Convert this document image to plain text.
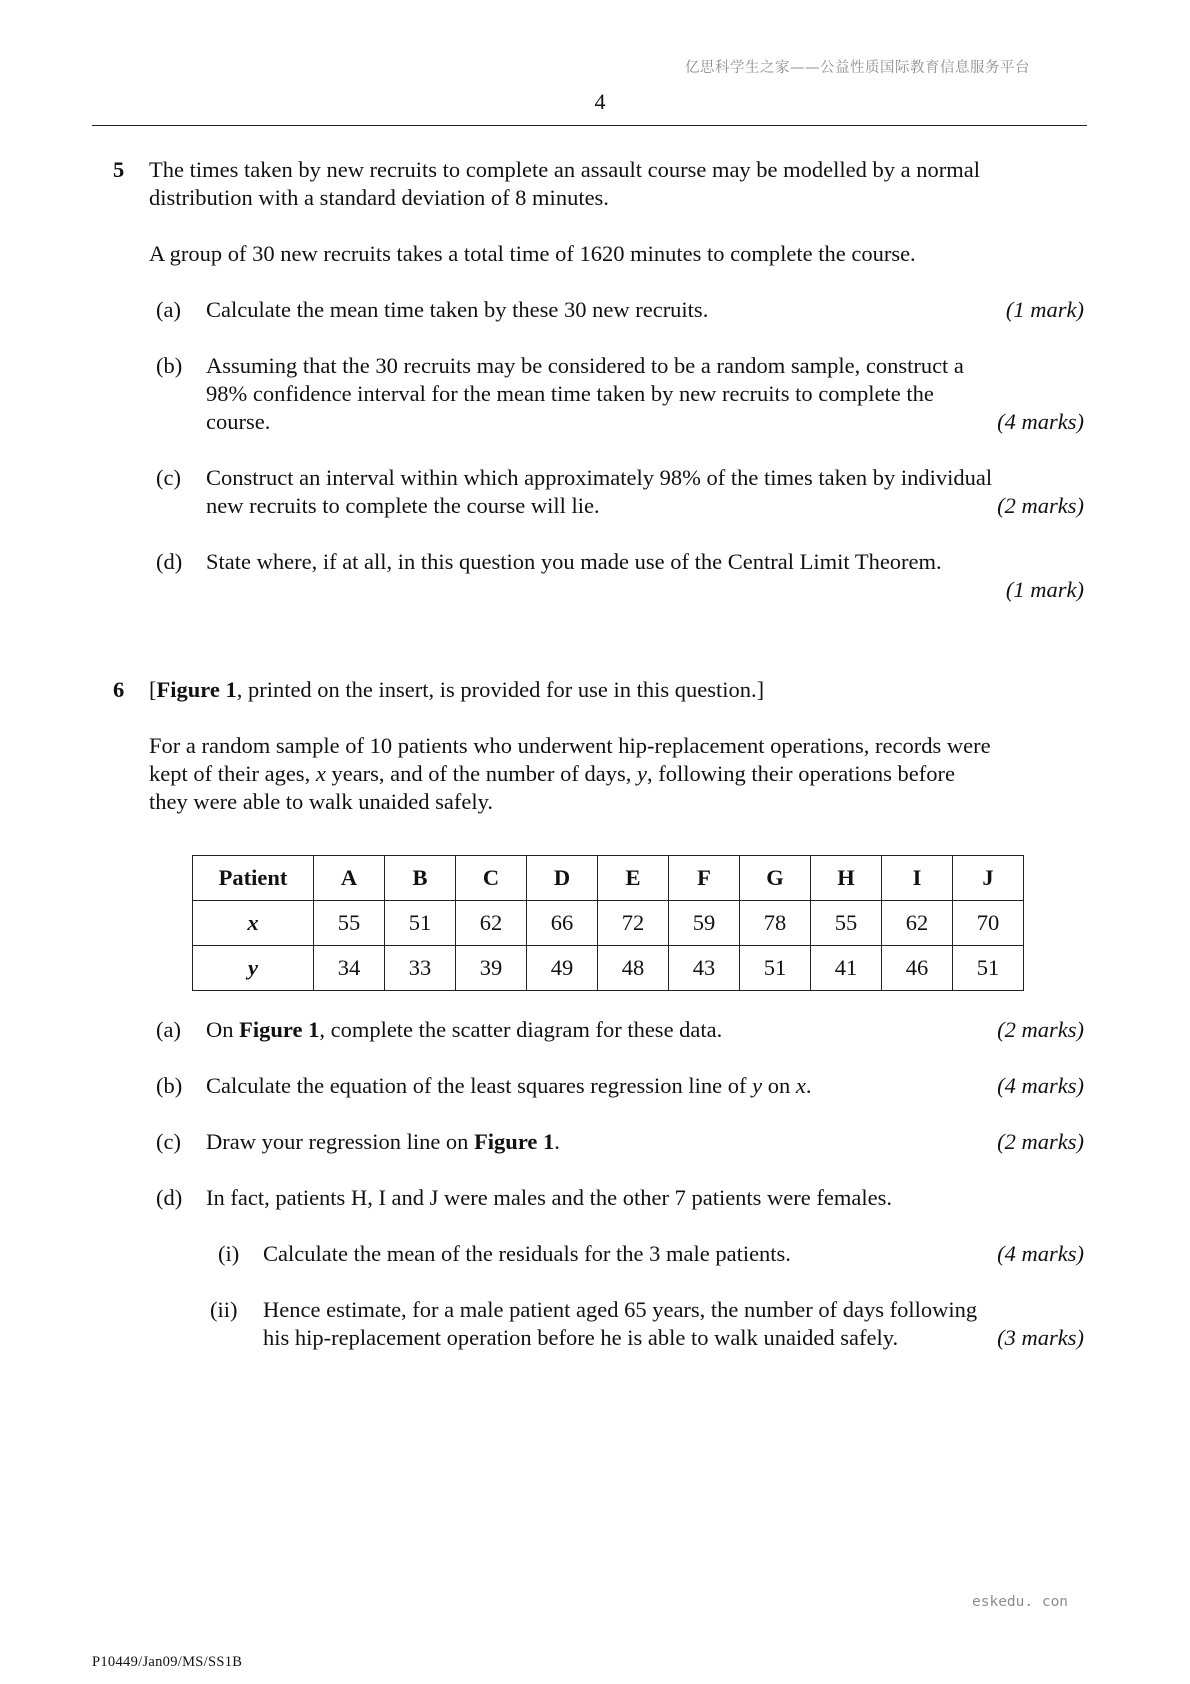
亿思科学生之家——公益性质国际教育信息服务平台
4
5 The times taken by new recruits to complete an assault course may be modelled by a normal
distribution with a standard deviation of 8 minutes.
A group of 30 new recruits takes a total time of 1620 minutes to complete the course.
(a) Calculate the mean time taken by these 30 new recruits.	(1 mark)
(b) Assuming that the 30 recruits may be considered to be a random sample, construct a
98% confidence interval for the mean time taken by new recruits to complete the
course.	(4 marks)
(c) Construct an interval within which approximately 98% of the times taken by individual
new recruits to complete the course will lie.	(2 marks)
(d) State where, if at all, in this question you made use of the Central Limit Theorem.
(1 mark)
6 [Figure 1, printed on the insert, is provided for use in this question.]
For a random sample of 10 patients who underwent hip-replacement operations, records were
kept of their ages, x years, and of the number of days, y, following their operations before
they were able to walk unaided safely.
Patient	A	B	C	D	E	F	G	H	I	J
x	55	51	62	66	72	59	78	55	62	70
y	34	33	39	49	48	43	51	41	46	51
(a) On Figure 1, complete the scatter diagram for these data.	(2 marks)
(b) Calculate the equation of the least squares regression line of y on x.	(4 marks)
(c) Draw your regression line on Figure 1.	(2 marks)
(d) In fact, patients H, I and J were males and the other 7 patients were females.
(i) Calculate the mean of the residuals for the 3 male patients.	(4 marks)
(ii) Hence estimate, for a male patient aged 65 years, the number of days following
his hip-replacement operation before he is able to walk unaided safely.	(3 marks)
eskedu. con
P10449/Jan09/MS/SS1B
